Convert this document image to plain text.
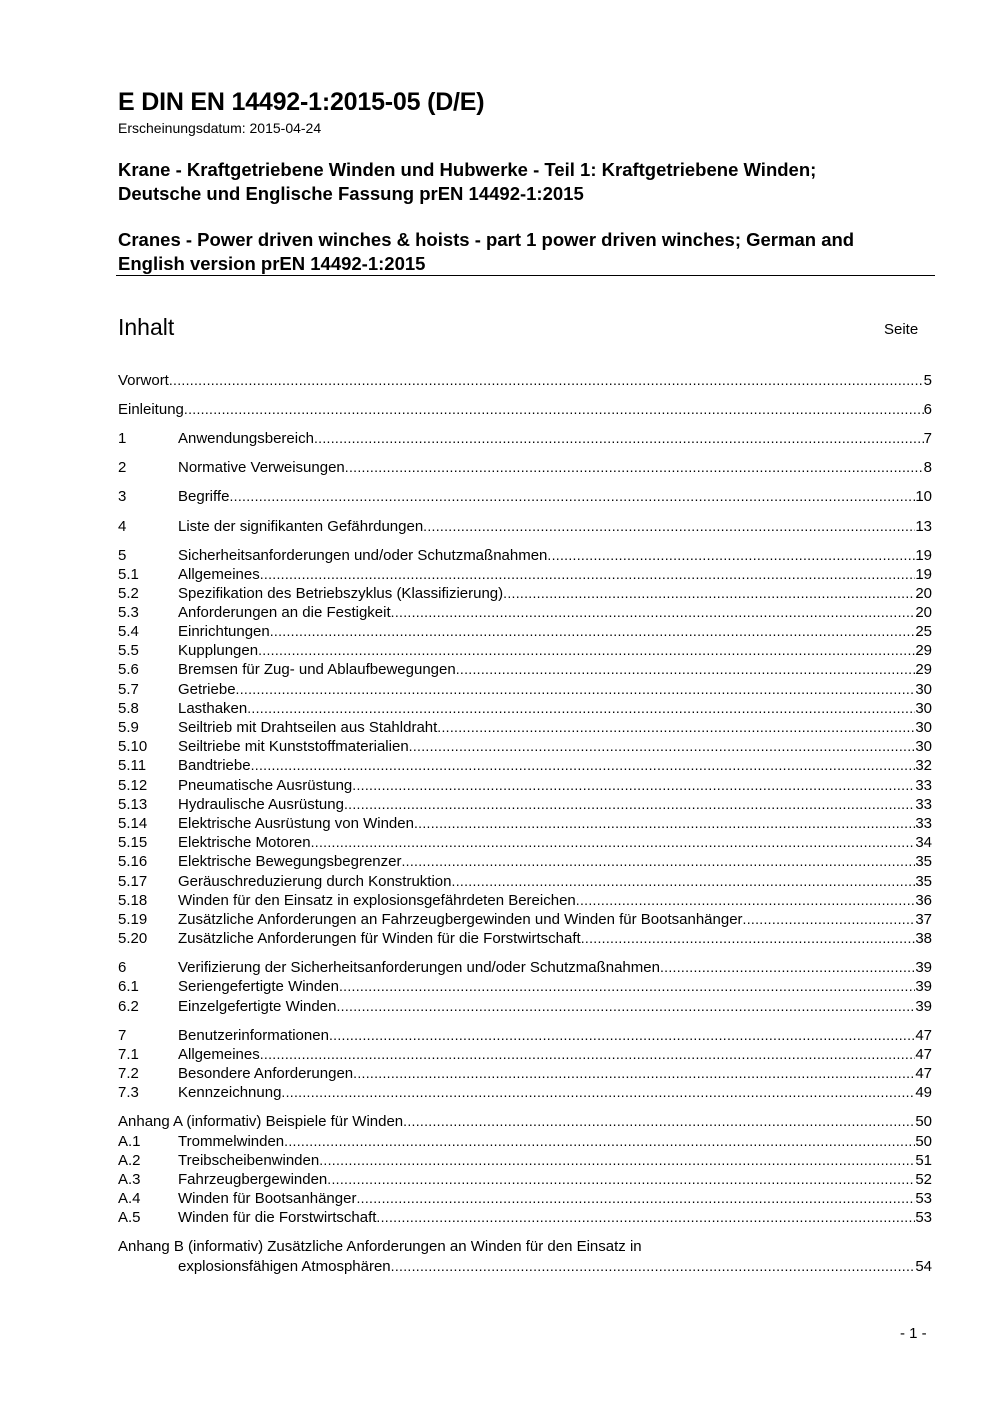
E DIN EN 14492-1:2015-05 (D/E)
Erscheinungsdatum: 2015-04-24
Krane - Kraftgetriebene Winden und Hubwerke - Teil 1: Kraftgetriebene Winden;
Deutsche und Englische Fassung prEN 14492-1:2015
Cranes - Power driven winches & hoists - part 1 power driven winches; German and
English version prEN 14492-1:2015
Inhalt	Seite
Vorwort .....	5
Einleitung .....	6
1	Anwendungsbereich .....	7
2	Normative Verweisungen .....	8
3	Begriffe .....	10
4	Liste der signifikanten Gefährdungen .....	13
5	Sicherheitsanforderungen und/oder Schutzmaßnahmen .....	19
5.1	Allgemeines .....	19
5.2	Spezifikation des Betriebszyklus (Klassifizierung) .....	20
5.3	Anforderungen an die Festigkeit .....	20
5.4	Einrichtungen .....	25
5.5	Kupplungen .....	29
5.6	Bremsen für Zug- und Ablaufbewegungen .....	29
5.7	Getriebe .....	30
5.8	Lasthaken .....	30
5.9	Seiltrieb mit Drahtseilen aus Stahldraht .....	30
5.10 Seiltriebe mit Kunststoffmaterialien .....	30
5.11 Bandtriebe .....	32
5.12 Pneumatische Ausrüstung .....	33
5.13 Hydraulische Ausrüstung .....	33
5.14 Elektrische Ausrüstung von Winden .....	33
5.15 Elektrische Motoren .....	34
5.16 Elektrische Bewegungsbegrenzer .....	35
5.17 Geräuschreduzierung durch Konstruktion .....	35
5.18 Winden für den Einsatz in explosionsgefährdeten Bereichen .....	36
5.19 Zusätzliche Anforderungen an Fahrzeugbergewinden und Winden für Bootsanhänger .....	37
5.20 Zusätzliche Anforderungen für Winden für die Forstwirtschaft .....	38
6	Verifizierung der Sicherheitsanforderungen und/oder Schutzmaßnahmen .....	39
6.1	Seriengefertigte Winden .....	39
6.2	Einzelgefertigte Winden .....	39
7	Benutzerinformationen .....	47
7.1	Allgemeines .....	47
7.2	Besondere Anforderungen .....	47
7.3	Kennzeichnung .....	49
Anhang A (informativ) Beispiele für Winden .....	50
A.1 Trommelwinden .....	50
A.2 Treibscheibenwinden .....	51
A.3 Fahrzeugbergewinden .....	52
A.4 Winden für Bootsanhänger .....	53
A.5 Winden für die Forstwirtschaft .....	53
Anhang B (informativ) Zusätzliche Anforderungen an Winden für den Einsatz in
explosionsfähigen Atmosphären .....	54
- 1 -
